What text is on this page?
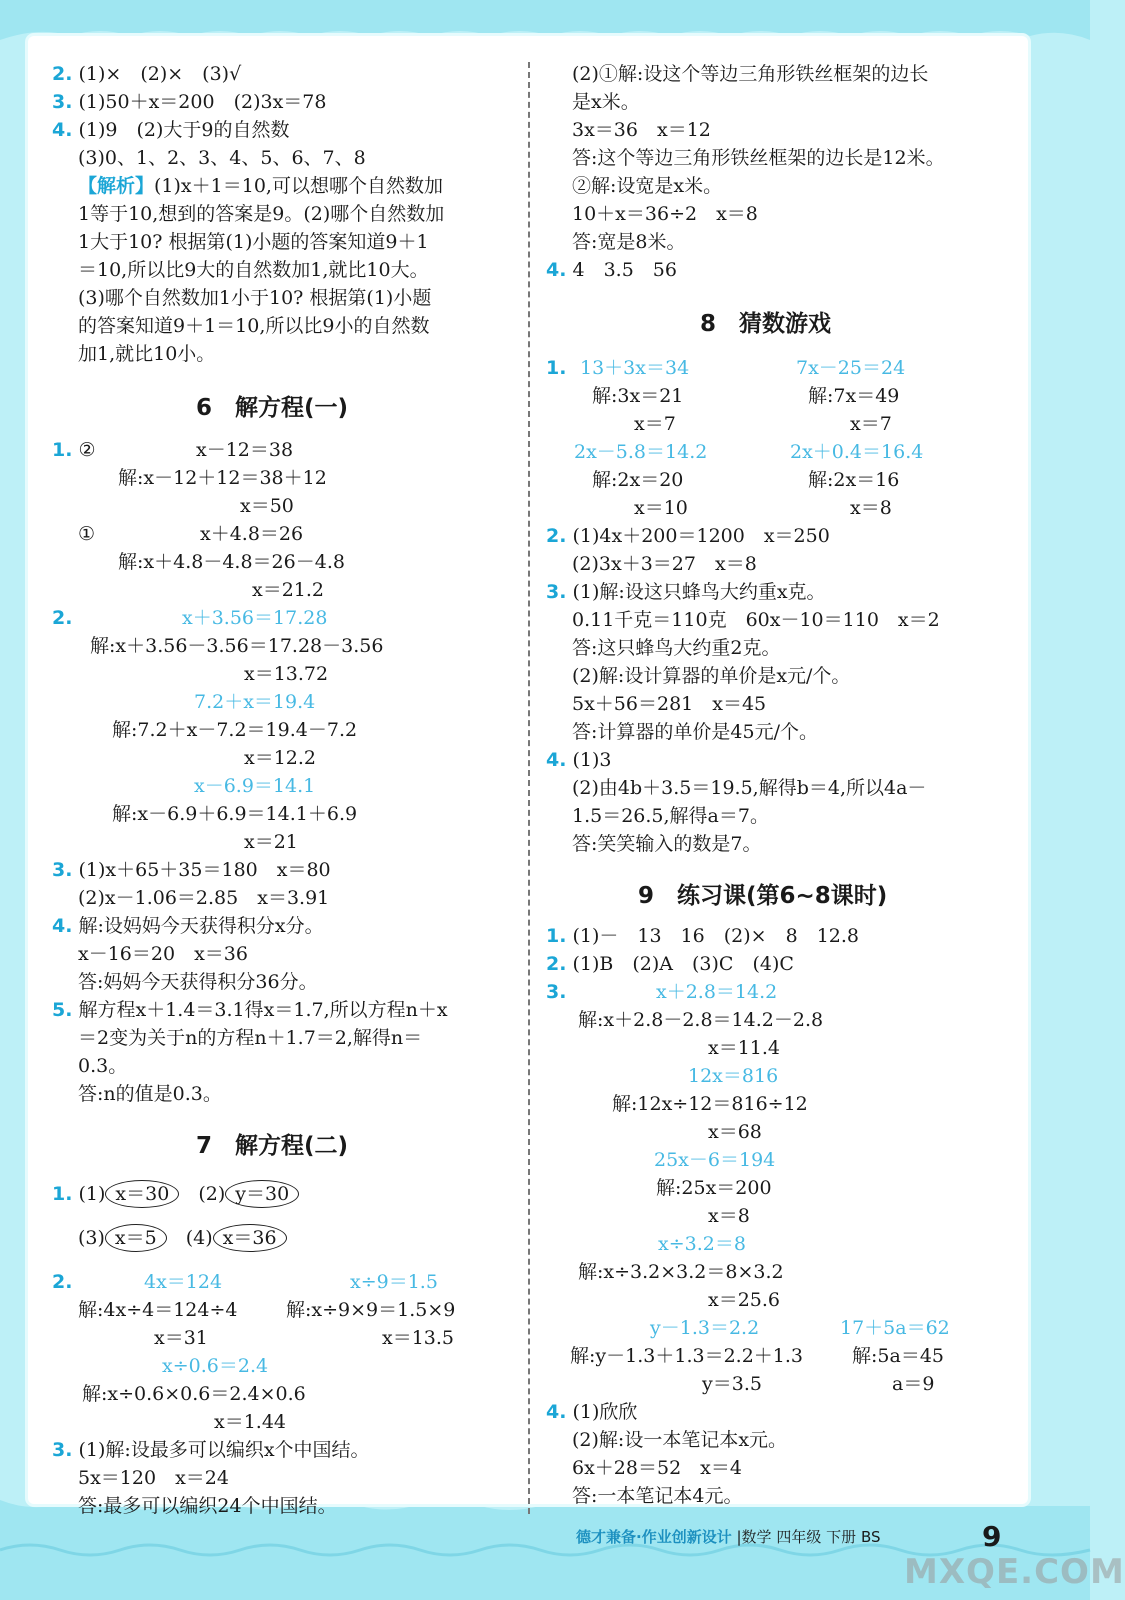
2. (1)×　(2)×　(3)√
3. (1)50＋x＝200　(2)3x＝78
4. (1)9　(2)大于9的自然数
(3)0、1、2、3、4、5、6、7、8
【解析】(1)x＋1＝10,可以想哪个自然数加
1等于10,想到的答案是9。(2)哪个自然数加
1大于10? 根据第(1)小题的答案知道9＋1
＝10,所以比9大的自然数加1,就比10大。
(3)哪个自然数加1小于10? 根据第(1)小题
的答案知道9＋1＝10,所以比9小的自然数
加1,就比10小。
6　解方程(一)
1. ②	x－12＝38
解:x－12＋12＝38＋12
x＝50
①	x＋4.8＝26
解:x＋4.8－4.8＝26－4.8
x＝21.2
2.	x＋3.56＝17.28
解:x＋3.56－3.56＝17.28－3.56
x＝13.72
7.2＋x＝19.4
解:7.2＋x－7.2＝19.4－7.2
x＝12.2
x－6.9＝14.1
解:x－6.9＋6.9＝14.1＋6.9
x＝21
3. (1)x＋65＋35＝180　x＝80
(2)x－1.06＝2.85　x＝3.91
4. 解:设妈妈今天获得积分x分。
x－16＝20　x＝36
答:妈妈今天获得积分36分。
5. 解方程x＋1.4＝3.1得x＝1.7,所以方程n＋x
＝2变为关于n的方程n＋1.7＝2,解得n＝
0.3。
答:n的值是0.3。
7　解方程(二)
1. (1) x＝30　 (2) y＝30
(3) x＝5　 (4) x＝36
2.	4x＝124	x÷9＝1.5
解:4x÷4＝124÷4	解:x÷9×9＝1.5×9
x＝31	x＝13.5
x÷0.6＝2.4
解:x÷0.6×0.6＝2.4×0.6
x＝1.44
3. (1)解:设最多可以编织x个中国结。
5x＝120　x＝24
答:最多可以编织24个中国结。
(2)①解:设这个等边三角形铁丝框架的边长
是x米。
3x＝36　x＝12
答:这个等边三角形铁丝框架的边长是12米。
②解:设宽是x米。
10＋x＝36÷2　x＝8
答:宽是8米。
4. 4　3.5　56
8　猜数游戏
1. 13＋3x＝34	7x－25＝24
解:3x＝21	解:7x＝49
x＝7	x＝7
2x－5.8＝14.2	2x＋0.4＝16.4
解:2x＝20	解:2x＝16
x＝10	x＝8
2. (1)4x＋200＝1200　x＝250
(2)3x＋3＝27　x＝8
3. (1)解:设这只蜂鸟大约重x克。
0.11千克＝110克　60x－10＝110　x＝2
答:这只蜂鸟大约重2克。
(2)解:设计算器的单价是x元/个。
5x＋56＝281　x＝45
答:计算器的单价是45元/个。
4. (1)3
(2)由4b＋3.5＝19.5,解得b＝4,所以4a－
1.5＝26.5,解得a＝7。
答:笑笑输入的数是7。
9　练习课(第6~8课时)
1. (1)－　13　16　(2)×　8　12.8
2. (1)B　(2)A　(3)C　(4)C
3.	x＋2.8＝14.2
解:x＋2.8－2.8＝14.2－2.8
x＝11.4
12x＝816
解:12x÷12＝816÷12
x＝68
25x－6＝194
解:25x＝200
x＝8
x÷3.2＝8
解:x÷3.2×3.2＝8×3.2
x＝25.6
y－1.3＝2.2	17＋5a＝62
解:y－1.3＋1.3＝2.2＋1.3	解:5a＝45
y＝3.5	a＝9
4. (1)欣欣
(2)解:设一本笔记本x元。
6x＋28＝52　x＝4
答:一本笔记本4元。
德才兼备·作业创新设计 |数学 四年级 下册 BS	9
MXQE.COM
